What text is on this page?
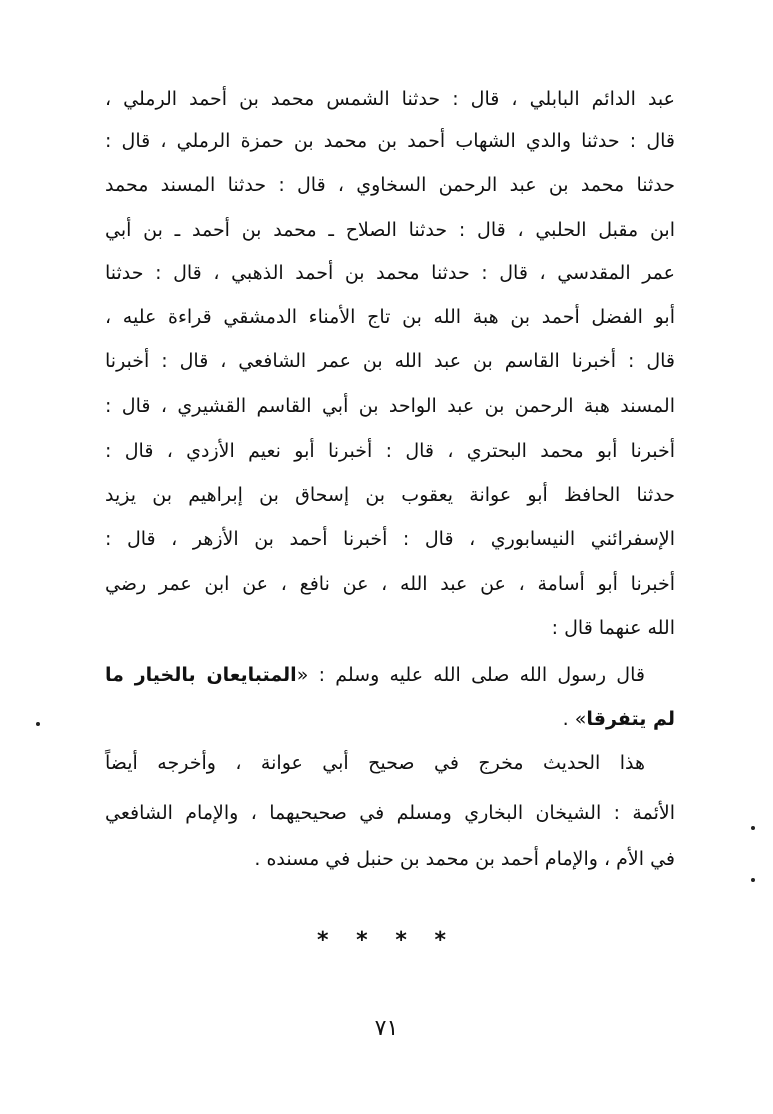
عبد الدائم البابلي ، قال : حدثنا الشمس محمد بن أحمد الرملي ،
قال : حدثنا والدي الشهاب أحمد بن محمد بن حمزة الرملي ، قال :
حدثنا محمد بن عبد الرحمن السخاوي ، قال : حدثنا المسند محمد
ابن مقبل الحلبي ، قال : حدثنا الصلاح ـ محمد بن أحمد ـ بن أبي
عمر المقدسي ، قال : حدثنا محمد بن أحمد الذهبي ، قال : حدثنا
أبو الفضل أحمد بن هبة الله بن تاج الأمناء الدمشقي قراءة عليه ،
قال : أخبرنا القاسم بن عبد الله بن عمر الشافعي ، قال : أخبرنا
المسند هبة الرحمن بن عبد الواحد بن أبي القاسم القشيري ، قال :
أخبرنا أبو محمد البحتري ، قال : أخبرنا أبو نعيم الأزدي ، قال :
حدثنا الحافظ أبو عوانة يعقوب بن إسحاق بن إبراهيم بن يزيد
الإسفرائني النيسابوري ، قال : أخبرنا أحمد بن الأزهر ، قال :
أخبرنا أبو أسامة ، عن عبد الله ، عن نافع ، عن ابن عمر رضي
الله عنهما قال :
قال رسول الله صلى الله عليه وسلم : «المتبايعان بالخيار ما
لم يتفرقا» .
هذا الحديث مخرج في صحيح أبي عوانة ، وأخرجه أيضاً
الأئمة : الشيخان البخاري ومسلم في صحيحيهما ، والإمام الشافعي
في الأم ، والإمام أحمد بن محمد بن حنبل في مسنده .
* * * *
٧١
